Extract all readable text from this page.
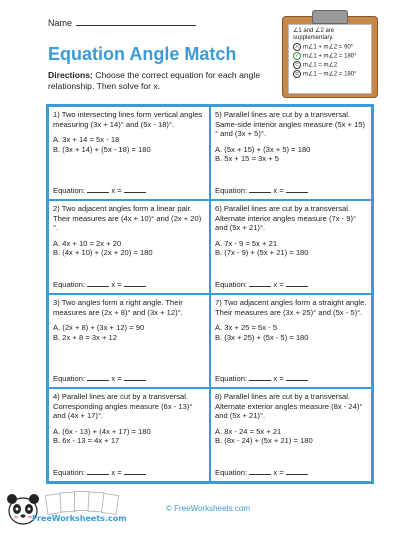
Name
Equation Angle Match
Directions: Choose the correct equation for each angle relationship. Then solve for x.
∠1 and ∠2 are supplementary.
A m∠1 + m∠2 = 90°
✓ m∠1 + m∠2 = 180°
C m∠1 = m∠2
D m∠1 − m∠2 = 180°

1) Two intersecting lines form vertical angles measuring (3x + 14)° and (5x - 18)°.

A. 3x + 14 = 5x - 18

B. (3x + 14) + (5x - 18) = 180

Equation:	x =

5) Parallel lines are cut by a transversal. Same-side interior angles measure (5x + 15)° and (3x + 5)°.

A. (5x + 15) + (3x + 5) = 180

B. 5x + 15 = 3x + 5

Equation:	x =

2) Two adjacent angles form a linear pair. Their measures are (4x + 10)° and (2x + 20)°.

A. 4x + 10 = 2x + 20

B. (4x + 10) + (2x + 20) = 180

Equation:	x =

6) Parallel lines are cut by a transversal. Alternate interior angles measure (7x - 9)° and (5x + 21)°.

A. 7x - 9 = 5x + 21

B. (7x - 9) + (5x + 21) = 180

Equation:	x =

3) Two angles form a right angle. Their measures are (2x + 8)° and (3x + 12)°.

A. (2x + 8) + (3x + 12) = 90

B. 2x + 8 = 3x + 12

Equation:	x =

7) Two adjacent angles form a straight angle. Their measures are (3x + 25)° and (5x - 5)°.

A. 3x + 25 = 5x - 5

B. (3x + 25) + (5x - 5) = 180

Equation:	x =

4) Parallel lines are cut by a transversal. Corresponding angles measure (6x - 13)° and (4x + 17)°.

A. (6x - 13) + (4x + 17) = 180

B. 6x - 13 = 4x + 17

Equation:	x =

8) Parallel lines are cut by a transversal. Alternate exterior angles measure (8x - 24)° and (5x + 21)°.

A. 8x - 24 = 5x + 21

B. (8x - 24) + (5x + 21) = 180

Equation:	x =
FreeWorksheets.com
© FreeWorksheets.com
